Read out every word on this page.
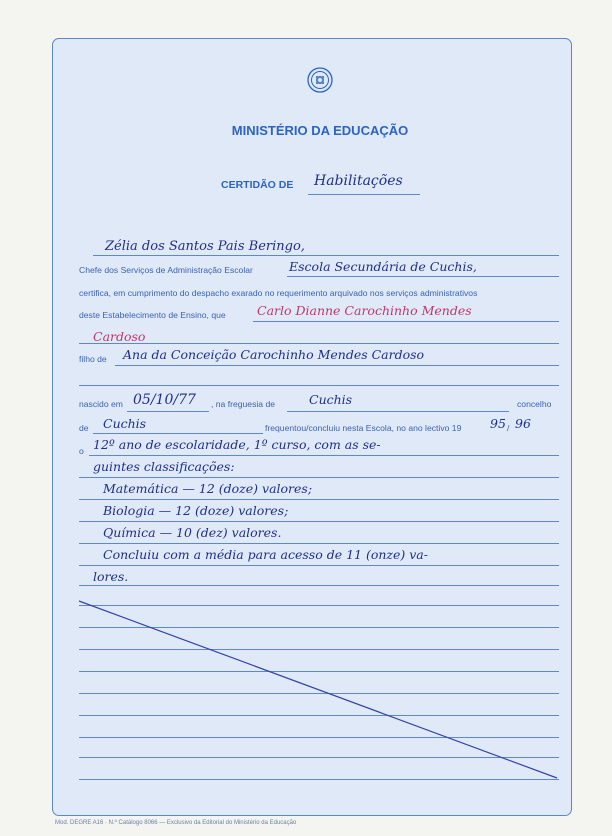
MINISTÉRIO DA EDUCAÇÃO
CERTIDÃO DE Habilitações
Zélia dos Santos Pais Beringo,
Chefe dos Serviços de Administração Escolar	Escola Secundária de Cuchis,
certifica, em cumprimento do despacho exarado no requerimento arquivado nos serviços administrativos
deste Estabelecimento de Ensino, que	Carlo Dianne Carochinho Mendes
Cardoso
filho de Ana da Conceição Carochinho Mendes Cardoso
nascido em 05/10/77 , na freguesia de	Cuchis	concelho
de Cuchis	frequentou/concluiu nesta Escola, no ano lectivo 19 95 / 96
o 12º ano de escolaridade, 1º curso, com as se-
guintes classificações:
Matemática — 12 (doze) valores;
Biologia — 12 (doze) valores;
Química — 10 (dez) valores.
Concluiu com a média para acesso de 11 (onze) va-
lores.
Mod. DEGRE A16 · N.º Catálogo 8066 — Exclusivo da Editorial do Ministério da Educação
